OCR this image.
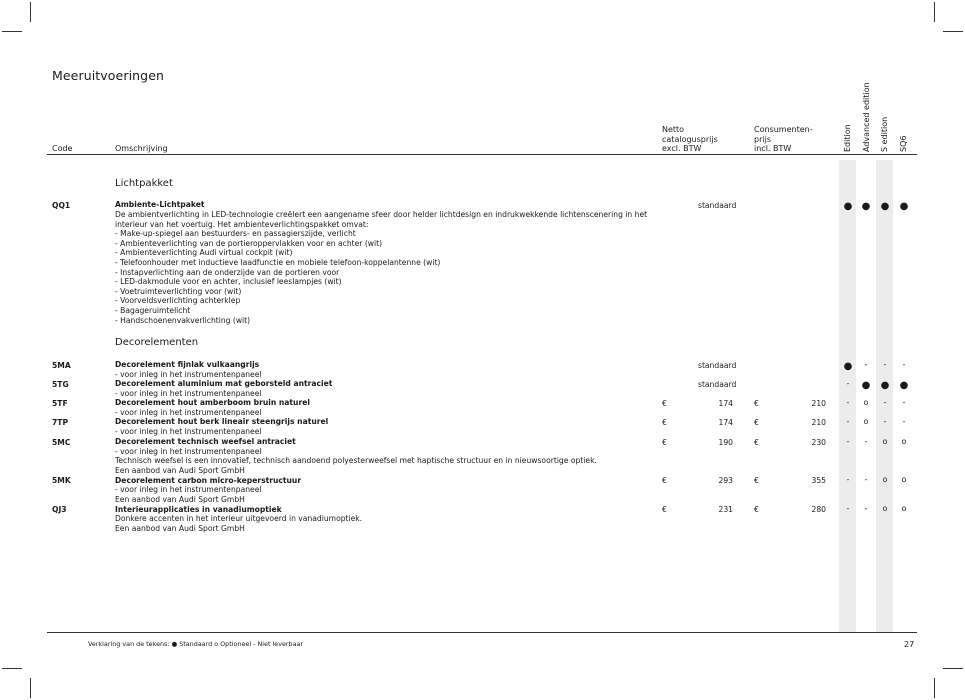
Meeruitvoeringen
Code	Omschrijving
Netto
catalogusprijs
excl. BTW
Consumenten-
prijs
incl. BTW	Edition Advanced edition S edition SQ6
Lichtpakket
QQ1	Ambiente-Lichtpaket	standaard	● ● ● ●
De ambientverlichting in LED-technologie creëlert een aangename sfeer door helder lichtdesign en indrukwekkende lichtenscenering in het
interieur van het voertuig. Het ambienteverlichtingspakket omvat:
- Make-up-spiegel aan bestuurders- en passagierszijde, verlicht
- Ambienteverlichting van de portieroppervlakken voor en achter (wit)
- Ambienteverlichting Audi virtual cockpit (wit)
- Telefoonhouder met inductieve laadfunctie en mobiele telefoon-koppelantenne (wit)
- Instapverlichting aan de onderzijde van de portieren voor
- LED-dakmodule voor en achter, inclusief leeslampjes (wit)
- Voetruimteverlichting voor (wit)
- Voorveldsverlichting achterklep
- Bagageruimtelicht
- Handschoenenvakverlichting (wit)
Decorelementen
5MA	Decorelement fijnlak vulkaangrijs	standaard	●	-	-	-
- voor inleg in het instrumentenpaneel
5TG	Decorelement aluminium mat geborsteld antraciet	standaard	-	● ● ●
- voor inleg in het instrumentenpaneel
5TF	Decorelement hout amberboom bruin naturel	€	174	€	210	-	o	-	-
- voor inleg in het instrumentenpaneel
7TP	Decorelement hout berk lineair steengrijs naturel	€	174	€	210	-	o	-	-
- voor inleg in het instrumentenpaneel
5MC	Decorelement technisch weefsel antraciet	€	190	€	230	-	-	o	o
- voor inleg in het instrumentenpaneel
Technisch weefsel is een innovatief, technisch aandoend polyesterweefsel met haptische structuur en in nieuwsoortige optiek.
Een aanbod van Audi Sport GmbH
5MK	Decorelement carbon micro-keperstructuur	€	293	€	355	-	-	o	o
- voor inleg in het instrumentenpaneel
Een aanbod van Audi Sport GmbH
QJ3	Interieurapplicaties in vanadiumoptiek	€	231	€	280	-	-	o	o
Donkere accenten in het interieur uitgevoerd in vanadiumoptiek.
Een aanbod van Audi Sport GmbH
Verklaring van de tekens: ● Standaard o Optioneel - Niet leverbaar	27
